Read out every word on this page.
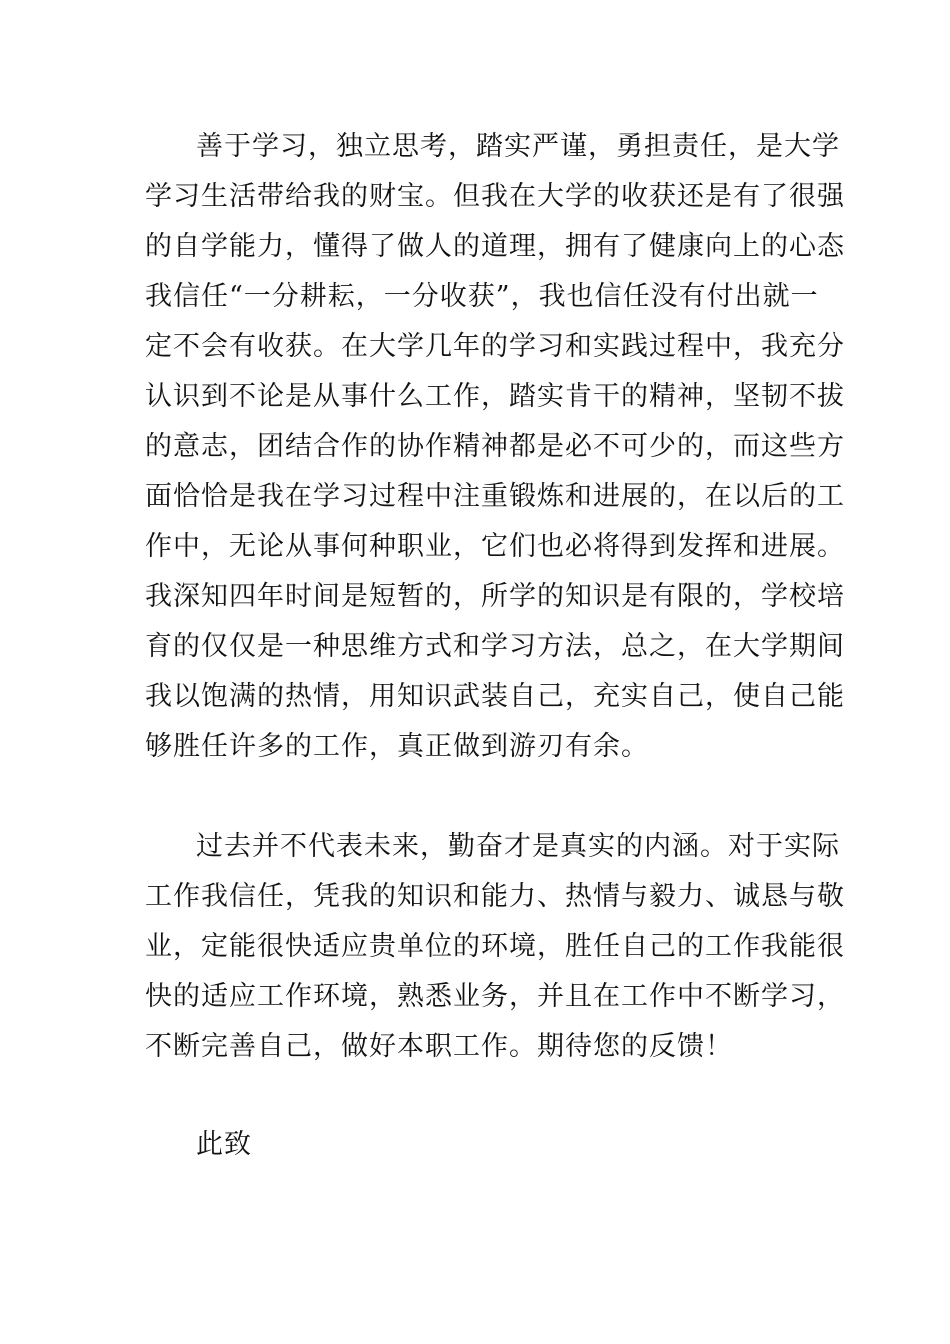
善于学习，独立思考，踏实严谨，勇担责任，是大学
学习生活带给我的财宝。但我在大学的收获还是有了很强
的自学能力，懂得了做人的道理，拥有了健康向上的心态
我信任“一分耕耘，一分收获”，我也信任没有付出就一
定不会有收获。在大学几年的学习和实践过程中，我充分
认识到不论是从事什么工作，踏实肯干的精神，坚韧不拔
的意志，团结合作的协作精神都是必不可少的，而这些方
面恰恰是我在学习过程中注重锻炼和进展的，在以后的工
作中，无论从事何种职业，它们也必将得到发挥和进展。
我深知四年时间是短暂的，所学的知识是有限的，学校培
育的仅仅是一种思维方式和学习方法，总之，在大学期间
我以饱满的热情，用知识武装自己，充实自己，使自己能
够胜任许多的工作，真正做到游刃有余。
过去并不代表未来，勤奋才是真实的内涵。对于实际
工作我信任，凭我的知识和能力、热情与毅力、诚恳与敬
业，定能很快适应贵单位的环境，胜任自己的工作我能很
快的适应工作环境，熟悉业务，并且在工作中不断学习，
不断完善自己，做好本职工作。期待您的反馈！
此致
